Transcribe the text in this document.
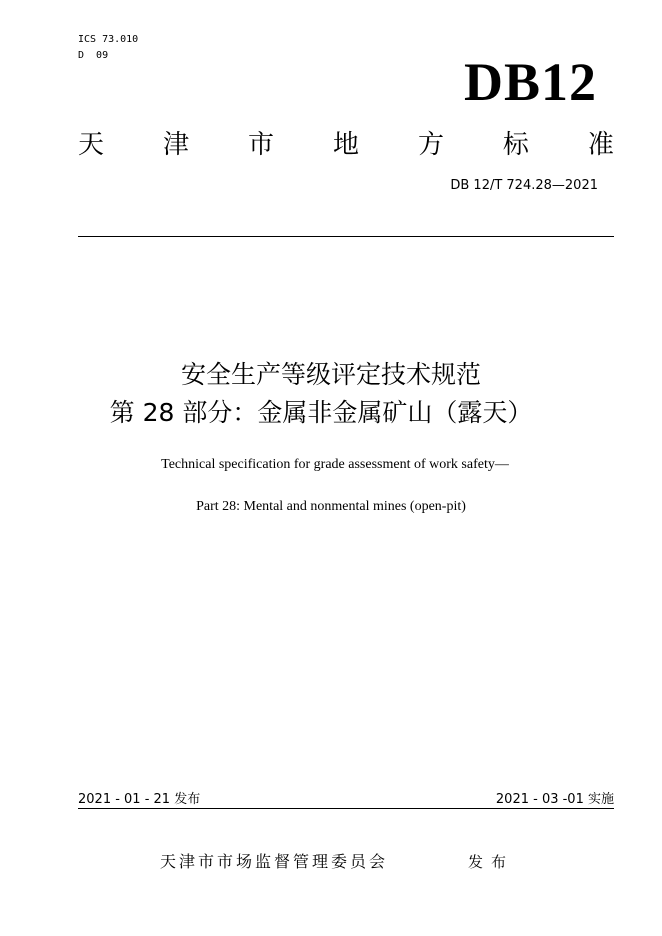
ICS 73.010
D  09	DB12
天 津 市 地 方 标 准
DB 12/T 724.28—2021
安全生产等级评定技术规范
第 28 部分：金属非金属矿山（露天）
Technical specification for grade assessment of work safety—
Part 28: Mental and nonmental mines (open-pit)
2021 - 01 - 21 发布	2021 - 03 -01 实施
天津市市场监督管理委员会	发布
